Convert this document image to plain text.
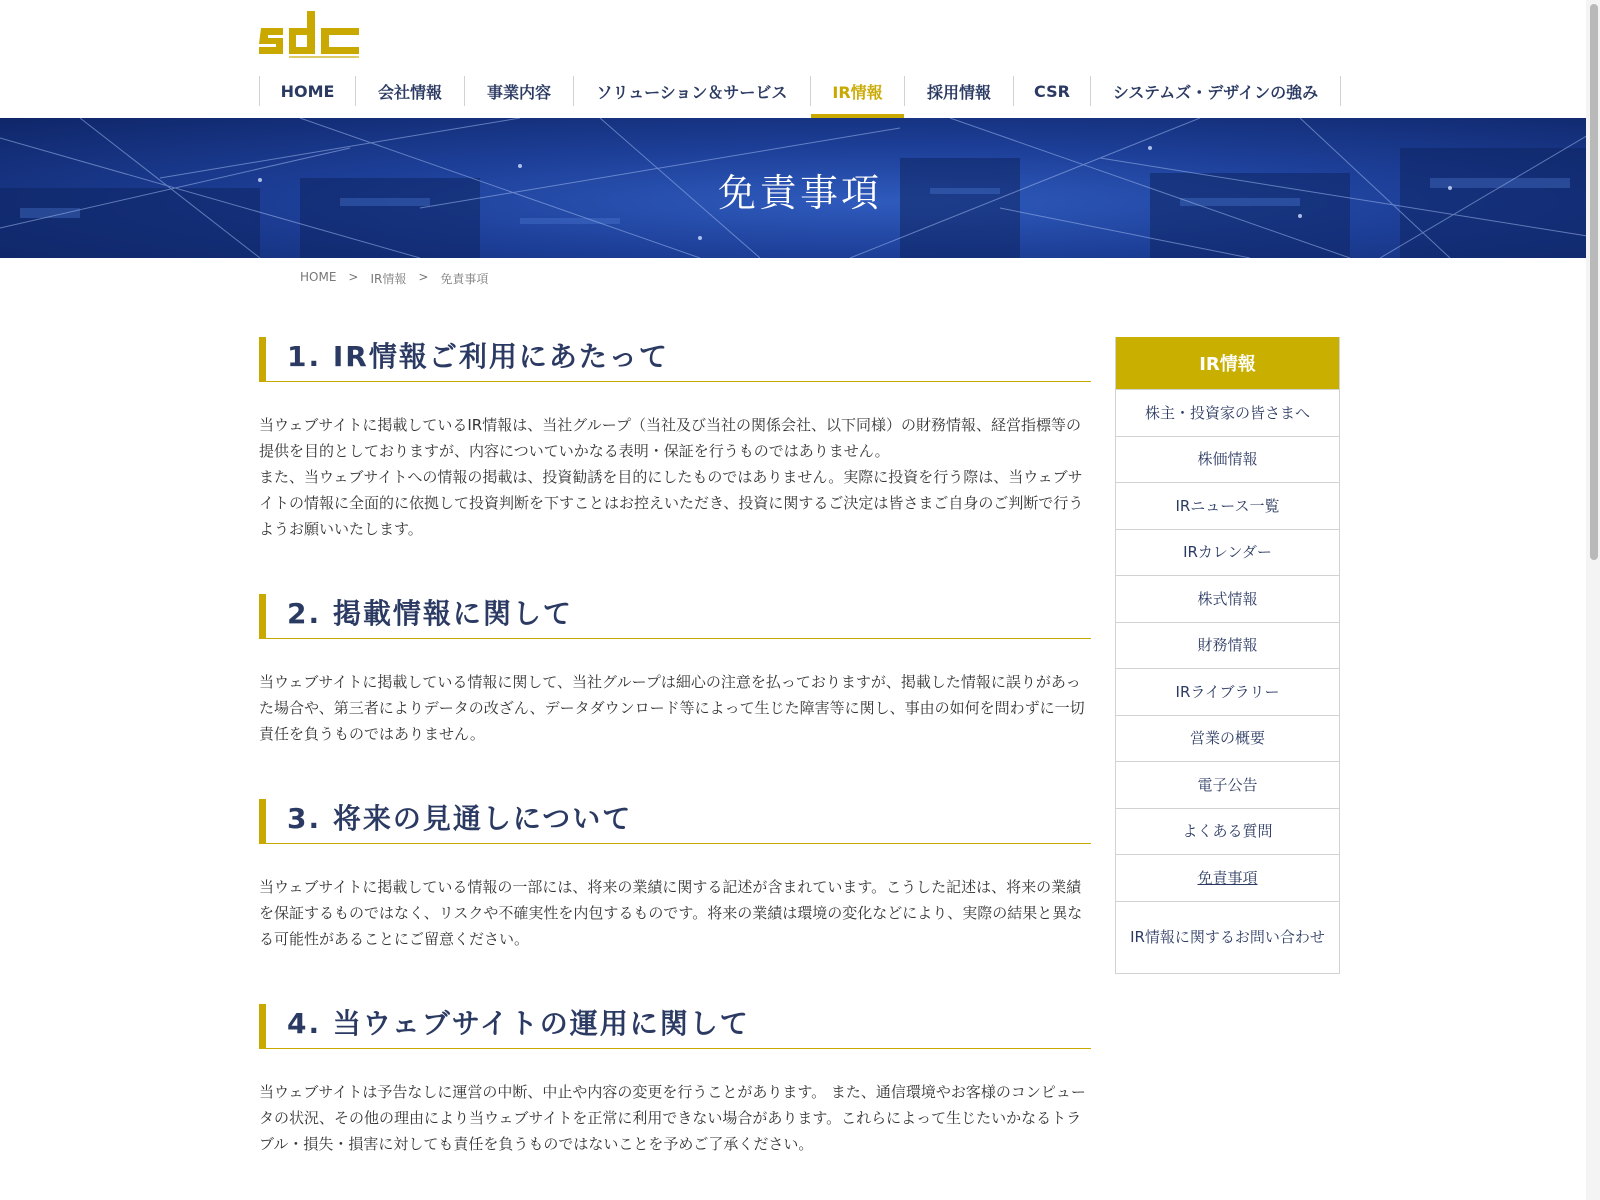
HOME	会社情報	事業内容	ソリューション＆サービス	IR情報	採用情報	CSR	システムズ・デザインの強み
免責事項
HOME > IR情報 > 免責事項
1. IR情報ご利用にあたって

当ウェブサイトに掲載しているIR情報は、当社グループ（当社及び当社の関係会社、以下同様）の財務情報、経営指標等の提供を目的としておりますが、内容についていかなる表明・保証を行うものではありません。

また、当ウェブサイトへの情報の掲載は、投資勧誘を目的にしたものではありません。実際に投資を行う際は、当ウェブサイトの情報に全面的に依拠して投資判断を下すことはお控えいただき、投資に関するご決定は皆さまご自身のご判断で行うようお願いいたします。

2. 掲載情報に関して

当ウェブサイトに掲載している情報に関して、当社グループは細心の注意を払っておりますが、掲載した情報に誤りがあった場合や、第三者によりデータの改ざん、データダウンロード等によって生じた障害等に関し、事由の如何を問わずに一切責任を負うものではありません。

3. 将来の見通しについて

当ウェブサイトに掲載している情報の一部には、将来の業績に関する記述が含まれています。こうした記述は、将来の業績を保証するものではなく、リスクや不確実性を内包するものです。将来の業績は環境の変化などにより、実際の結果と異なる可能性があることにご留意ください。

4. 当ウェブサイトの運用に関して

当ウェブサイトは予告なしに運営の中断、中止や内容の変更を行うことがあります。 また、通信環境やお客様のコンピュータの状況、その他の理由により当ウェブサイトを正常に利用できない場合があります。これらによって生じたいかなるトラブル・損失・損害に対しても責任を負うものではないことを予めご了承ください。

IR情報
株主・投資家の皆さまへ
株価情報
IRニュース一覧
IRカレンダー
株式情報
財務情報
IRライブラリー
営業の概要
電子公告
よくある質問
免責事項
IR情報に関するお問い合わせ
